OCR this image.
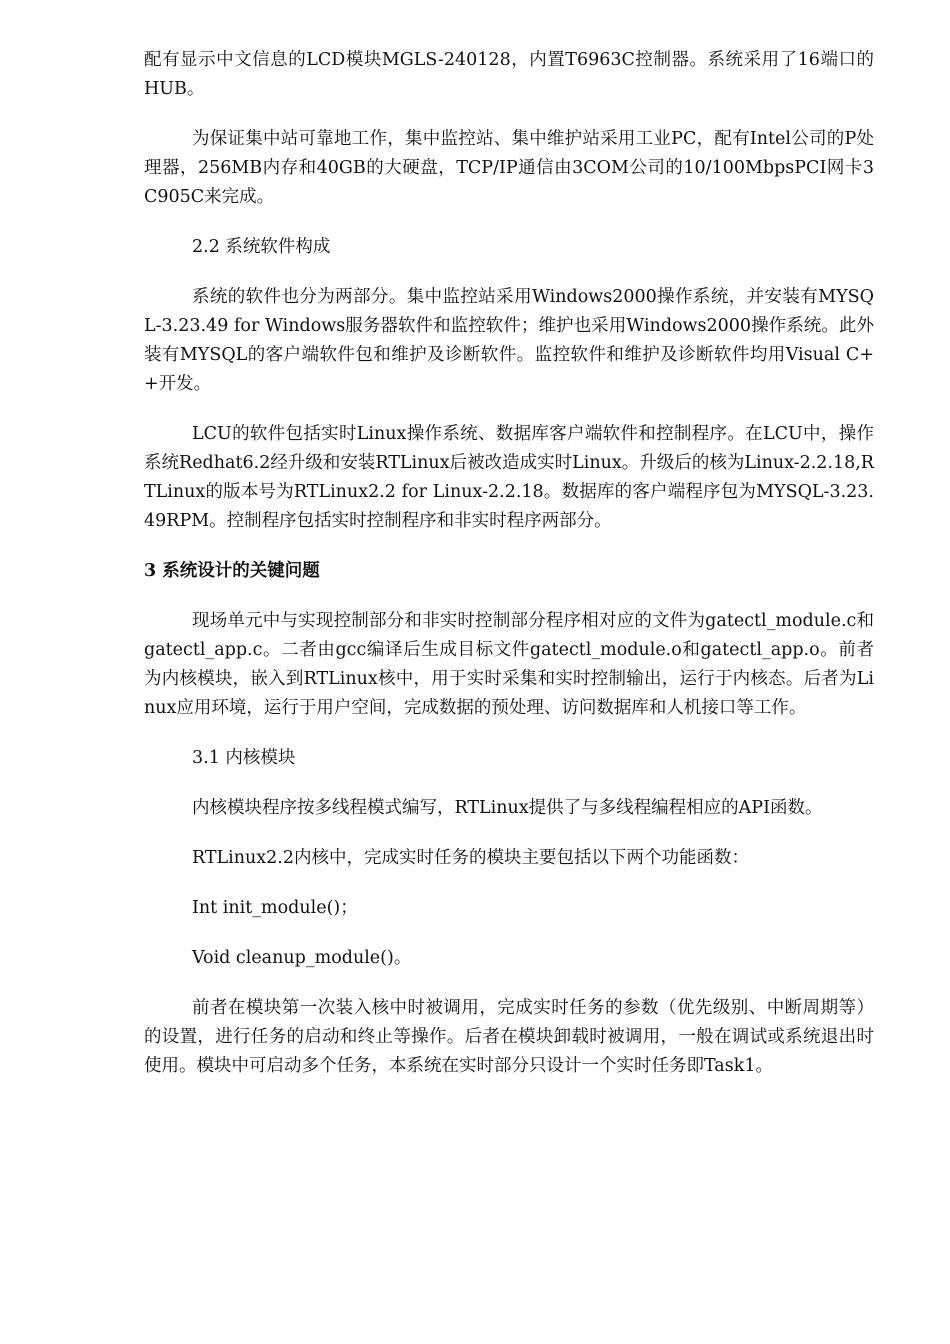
配有显示中文信息的LCD模块MGLS-240128，内置T6963C控制器。系统采用了16端口的HUB。

为保证集中站可靠地工作，集中监控站、集中维护站采用工业PC，配有Intel公司的P处理器，256MB内存和40GB的大硬盘，TCP/IP通信由3COM公司的10/100MbpsPCI网卡3C905C来完成。

2.2 系统软件构成

系统的软件也分为两部分。集中监控站采用Windows2000操作系统，并安装有MYSQL-3.23.49 for Windows服务器软件和监控软件；维护也采用Windows2000操作系统。此外装有MYSQL的客户端软件包和维护及诊断软件。监控软件和维护及诊断软件均用Visual C++开发。

LCU的软件包括实时Linux操作系统、数据库客户端软件和控制程序。在LCU中，操作系统Redhat6.2经升级和安装RTLinux后被改造成实时Linux。升级后的核为Linux-2.2.18,RTLinux的版本号为RTLinux2.2 for Linux-2.2.18。数据库的客户端程序包为MYSQL-3.23.49RPM。控制程序包括实时控制程序和非实时程序两部分。

3 系统设计的关键问题

现场单元中与实现控制部分和非实时控制部分程序相对应的文件为gatectl_module.c和gatectl_app.c。二者由gcc编译后生成目标文件gatectl_module.o和gatectl_app.o。前者为内核模块，嵌入到RTLinux核中，用于实时采集和实时控制输出，运行于内核态。后者为Linux应用环境，运行于用户空间，完成数据的预处理、访问数据库和人机接口等工作。

3.1 内核模块

内核模块程序按多线程模式编写，RTLinux提供了与多线程编程相应的API函数。

RTLinux2.2内核中，完成实时任务的模块主要包括以下两个功能函数：

Int init_module()；

Void cleanup_module()。

前者在模块第一次装入核中时被调用，完成实时任务的参数（优先级别、中断周期等）的设置，进行任务的启动和终止等操作。后者在模块卸载时被调用，一般在调试或系统退出时使用。模块中可启动多个任务，本系统在实时部分只设计一个实时任务即Task1。
